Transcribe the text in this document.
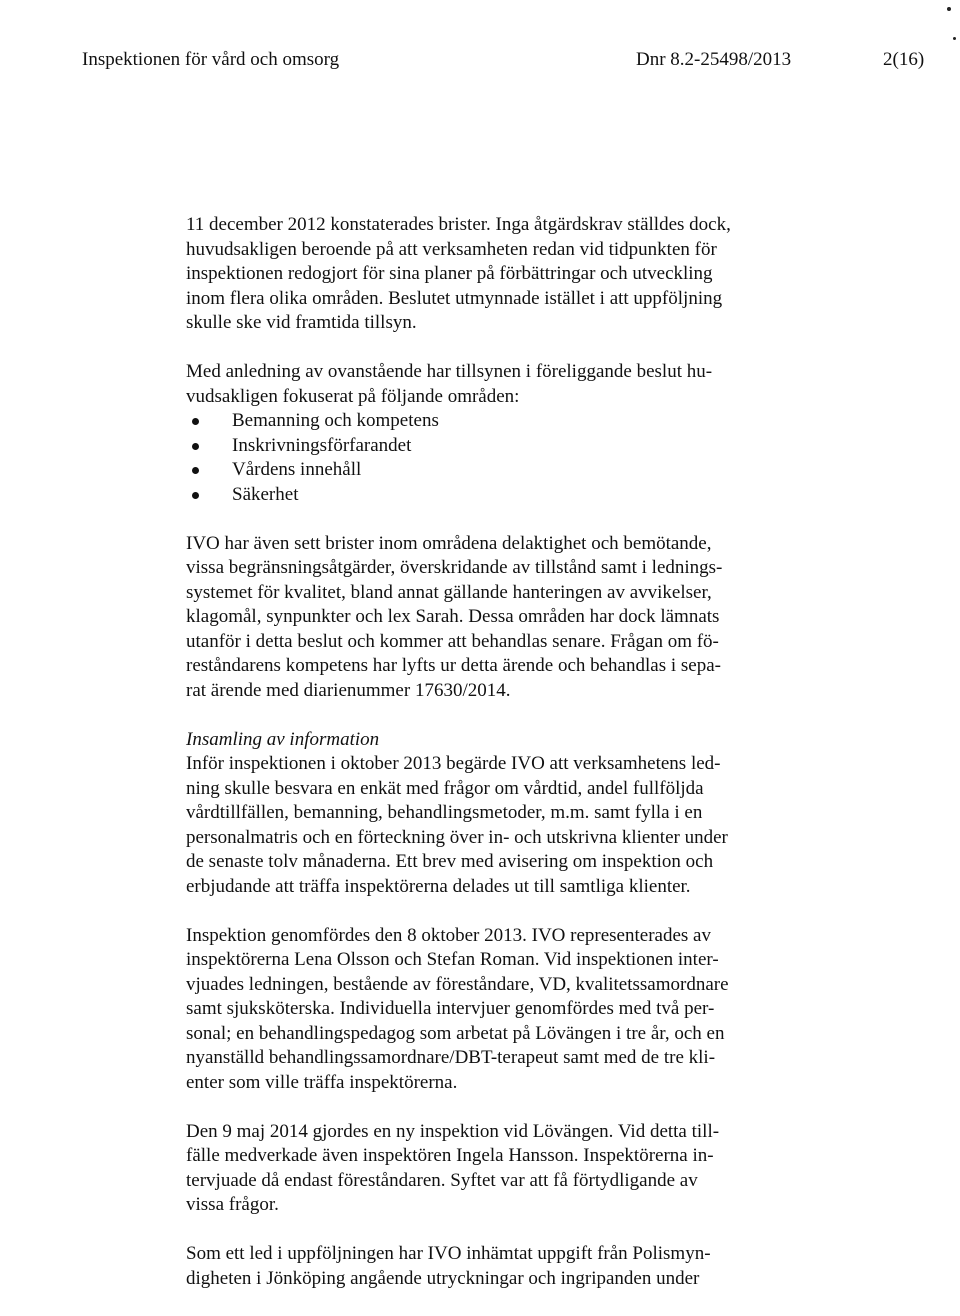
Inspektionen för vård och omsorg	Dnr 8.2-25498/2013	2(16)
11 december 2012 konstaterades brister. Inga åtgärdskrav ställdes dock,
huvudsakligen beroende på att verksamheten redan vid tidpunkten för
inspektionen redogjort för sina planer på förbättringar och utveckling
inom flera olika områden. Beslutet utmynnade istället i att uppföljning
skulle ske vid framtida tillsyn.
Med anledning av ovanstående har tillsynen i föreliggande beslut hu-
vudsakligen fokuserat på följande områden:
Bemanning och kompetens
Inskrivningsförfarandet
Vårdens innehåll
Säkerhet
IVO har även sett brister inom områdena delaktighet och bemötande,
vissa begränsningsåtgärder, överskridande av tillstånd samt i lednings-
systemet för kvalitet, bland annat gällande hanteringen av avvikelser,
klagomål, synpunkter och lex Sarah. Dessa områden har dock lämnats
utanför i detta beslut och kommer att behandlas senare. Frågan om fö-
reståndarens kompetens har lyfts ur detta ärende och behandlas i sepa-
rat ärende med diarienummer 17630/2014.
Insamling av information
Inför inspektionen i oktober 2013 begärde IVO att verksamhetens led-
ning skulle besvara en enkät med frågor om vårdtid, andel fullföljda
vårdtillfällen, bemanning, behandlingsmetoder, m.m. samt fylla i en
personalmatris och en förteckning över in- och utskrivna klienter under
de senaste tolv månaderna. Ett brev med avisering om inspektion och
erbjudande att träffa inspektörerna delades ut till samtliga klienter.
Inspektion genomfördes den 8 oktober 2013. IVO representerades av
inspektörerna Lena Olsson och Stefan Roman. Vid inspektionen inter-
vjuades ledningen, bestående av föreståndare, VD, kvalitetssamordnare
samt sjuksköterska. Individuella intervjuer genomfördes med två per-
sonal; en behandlingspedagog som arbetat på Lövängen i tre år, och en
nyanställd behandlingssamordnare/DBT-terapeut samt med de tre kli-
enter som ville träffa inspektörerna.
Den 9 maj 2014 gjordes en ny inspektion vid Lövängen. Vid detta till-
fälle medverkade även inspektören Ingela Hansson. Inspektörerna in-
tervjuade då endast föreståndaren. Syftet var att få förtydligande av
vissa frågor.
Som ett led i uppföljningen har IVO inhämtat uppgift från Polismyn-
digheten i Jönköping angående utryckningar och ingripanden under
